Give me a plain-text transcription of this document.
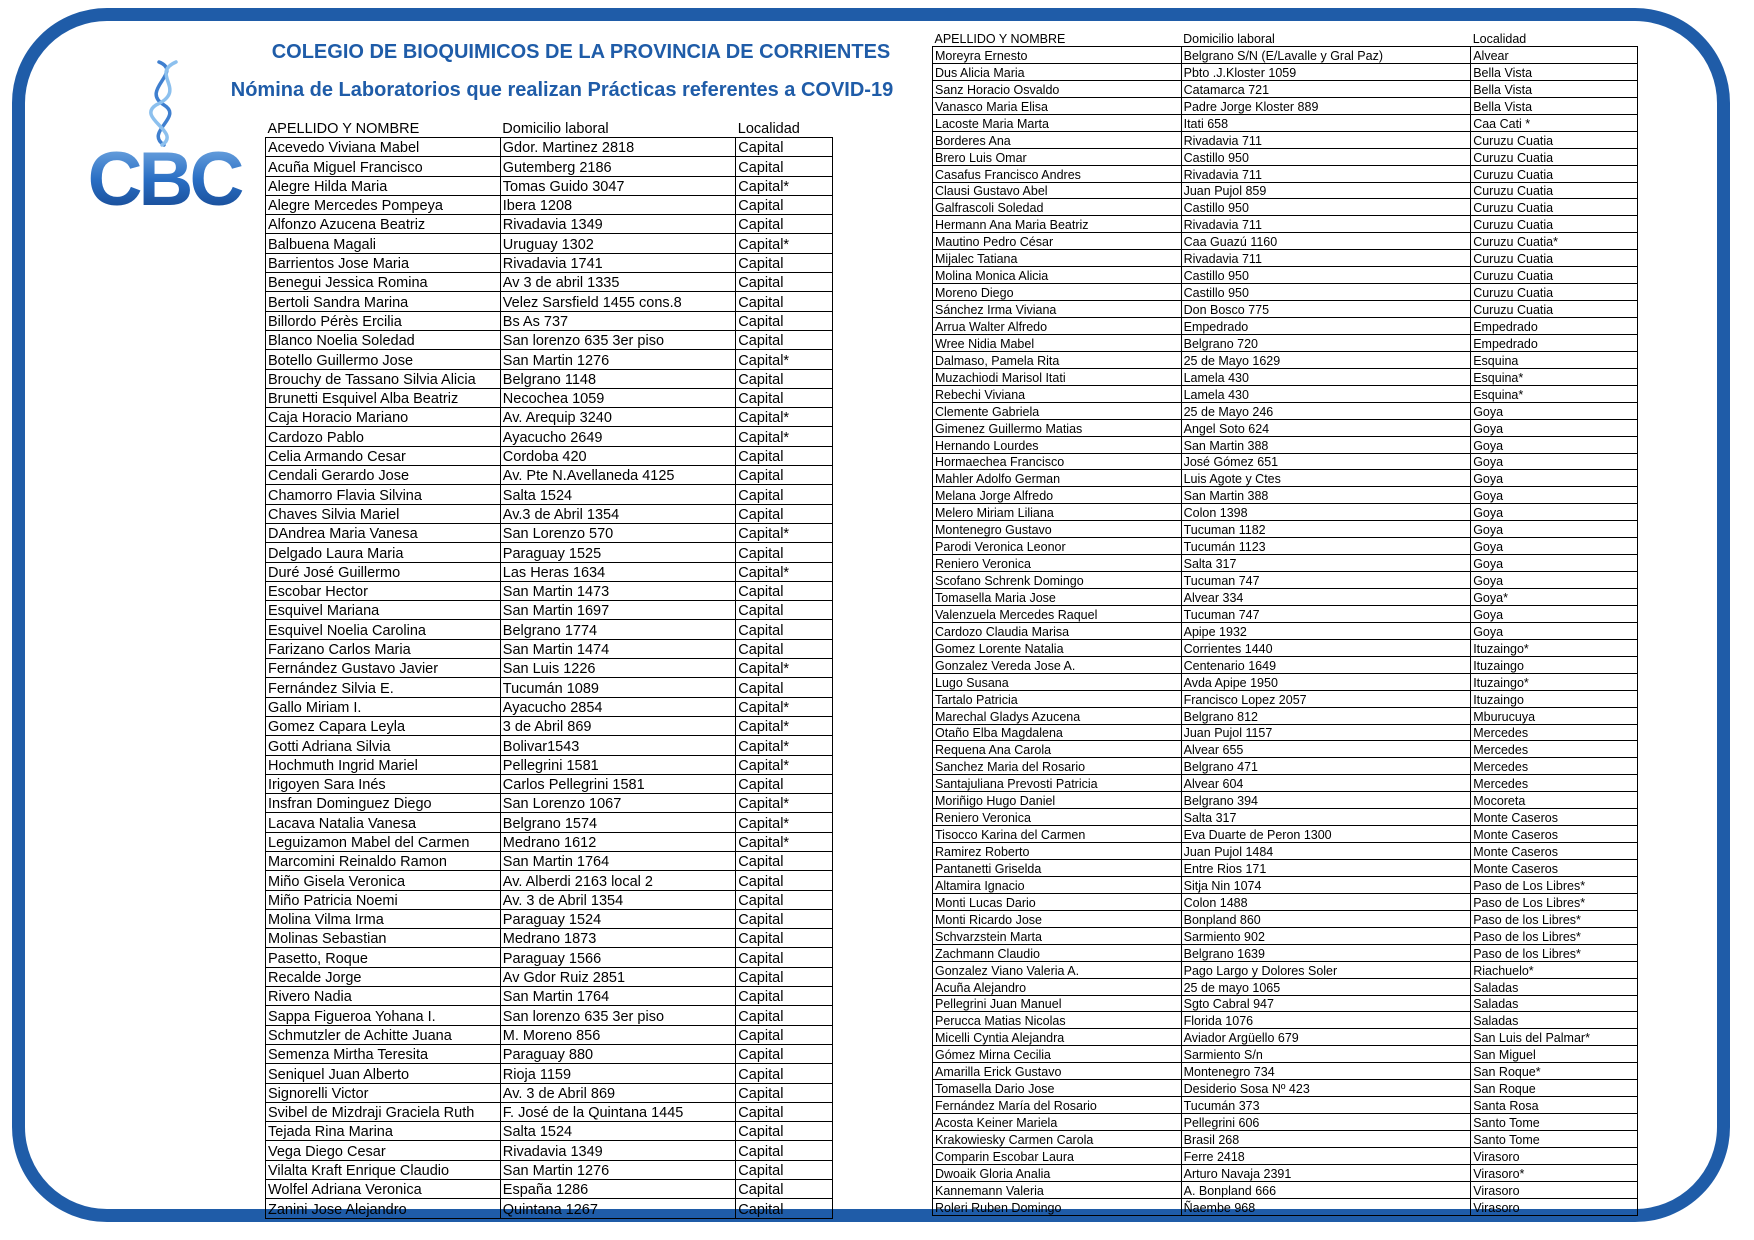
CBC
COLEGIO DE BIOQUIMICOS DE LA PROVINCIA DE CORRIENTES
Nómina de Laboratorios que realizan Prácticas referentes a COVID-19
APELLIDO Y NOMBRE	Domicilio laboral	Localidad
Acevedo Viviana Mabel	Gdor. Martinez 2818	Capital
Acuña Miguel Francisco	Gutemberg 2186	Capital
Alegre Hilda Maria	Tomas Guido 3047	Capital*
Alegre Mercedes Pompeya	Ibera 1208	Capital
Alfonzo Azucena Beatriz	Rivadavia 1349	Capital
Balbuena Magali	Uruguay 1302	Capital*
Barrientos Jose Maria	Rivadavia 1741	Capital
Benegui Jessica Romina	Av 3 de abril 1335	Capital
Bertoli Sandra Marina	Velez Sarsfield 1455 cons.8	Capital
Billordo Pérès Ercilia	Bs As 737	Capital
Blanco Noelia Soledad	San lorenzo 635 3er piso	Capital
Botello Guillermo Jose	San Martin 1276	Capital*
Brouchy de Tassano Silvia Alicia	Belgrano 1148	Capital
Brunetti Esquivel Alba Beatriz	Necochea 1059	Capital
Caja Horacio Mariano	Av. Arequip 3240	Capital*
Cardozo Pablo	Ayacucho 2649	Capital*
Celia Armando Cesar	Cordoba 420	Capital
Cendali Gerardo Jose	Av. Pte N.Avellaneda 4125	Capital
Chamorro Flavia Silvina	Salta 1524	Capital
Chaves Silvia Mariel	Av.3 de Abril 1354	Capital
DAndrea Maria Vanesa	San Lorenzo 570	Capital*
Delgado Laura Maria	Paraguay 1525	Capital
Duré José Guillermo	Las Heras 1634	Capital*
Escobar Hector	San Martin 1473	Capital
Esquivel Mariana	San Martin 1697	Capital
Esquivel Noelia Carolina	Belgrano 1774	Capital
Farizano Carlos Maria	San Martin 1474	Capital
Fernández Gustavo Javier	San Luis 1226	Capital*
Fernández Silvia E.	Tucumán 1089	Capital
Gallo Miriam I.	Ayacucho 2854	Capital*
Gomez Capara Leyla	3 de Abril 869	Capital*
Gotti Adriana Silvia	Bolivar1543	Capital*
Hochmuth Ingrid Mariel	Pellegrini 1581	Capital*
Irigoyen Sara Inés	Carlos Pellegrini 1581	Capital
Insfran Dominguez Diego	San Lorenzo 1067	Capital*
Lacava Natalia Vanesa	Belgrano 1574	Capital*
Leguizamon Mabel del Carmen	Medrano 1612	Capital*
Marcomini Reinaldo Ramon	San Martin 1764	Capital
Miño Gisela Veronica	Av. Alberdi 2163 local 2	Capital
Miño Patricia Noemi	Av. 3 de Abril 1354	Capital
Molina Vilma Irma	Paraguay 1524	Capital
Molinas Sebastian	Medrano 1873	Capital
Pasetto, Roque	Paraguay 1566	Capital
Recalde Jorge	Av Gdor Ruiz 2851	Capital
Rivero Nadia	San Martin 1764	Capital
Sappa Figueroa Yohana I.	San lorenzo 635 3er piso	Capital
Schmutzler de Achitte Juana	M. Moreno 856	Capital
Semenza Mirtha Teresita	Paraguay 880	Capital
Seniquel Juan Alberto	Rioja 1159	Capital
Signorelli Victor	Av. 3 de Abril 869	Capital
Svibel de Mizdraji Graciela Ruth	F. José de la Quintana 1445	Capital
Tejada Rina Marina	Salta 1524	Capital
Vega Diego Cesar	Rivadavia 1349	Capital
Vilalta Kraft Enrique Claudio	San Martin 1276	Capital
Wolfel Adriana Veronica	España 1286	Capital
Zanini Jose Alejandro	Quintana 1267	Capital
APELLIDO Y NOMBRE	Domicilio laboral	Localidad
Moreyra Ernesto	Belgrano S/N (E/Lavalle y Gral Paz)	Alvear
Dus Alicia Maria	Pbto .J.Kloster 1059	Bella Vista
Sanz Horacio Osvaldo	Catamarca 721	Bella Vista
Vanasco Maria Elisa	Padre Jorge Kloster 889	Bella Vista
Lacoste Maria Marta	Itati 658	Caa Cati *
Borderes Ana	Rivadavia 711	Curuzu Cuatia
Brero Luis Omar	Castillo 950	Curuzu Cuatia
Casafus Francisco Andres	Rivadavia 711	Curuzu Cuatia
Clausi Gustavo Abel	Juan Pujol 859	Curuzu Cuatia
Galfrascoli Soledad	Castillo 950	Curuzu Cuatia
Hermann Ana Maria Beatriz	Rivadavia 711	Curuzu Cuatia
Mautino Pedro César	Caa Guazú 1160	Curuzu Cuatia*
Mijalec Tatiana	Rivadavia 711	Curuzu Cuatia
Molina Monica Alicia	Castillo 950	Curuzu Cuatia
Moreno Diego	Castillo 950	Curuzu Cuatia
Sánchez Irma Viviana	Don Bosco 775	Curuzu Cuatia
Arrua Walter Alfredo	Empedrado	Empedrado
Wree Nidia Mabel	Belgrano 720	Empedrado
Dalmaso, Pamela Rita	25 de Mayo 1629	Esquina
Muzachiodi Marisol Itati	Lamela 430	Esquina*
Rebechi Viviana	Lamela 430	Esquina*
Clemente Gabriela	25 de Mayo 246	Goya
Gimenez Guillermo Matias	Angel Soto 624	Goya
Hernando Lourdes	San Martin 388	Goya
Hormaechea Francisco	José Gómez 651	Goya
Mahler Adolfo German	Luis Agote y Ctes	Goya
Melana Jorge Alfredo	San Martin 388	Goya
Melero Miriam Liliana	Colon 1398	Goya
Montenegro Gustavo	Tucuman 1182	Goya
Parodi Veronica Leonor	Tucumán 1123	Goya
Reniero Veronica	Salta 317	Goya
Scofano Schrenk Domingo	Tucuman 747	Goya
Tomasella Maria Jose	Alvear 334	Goya*
Valenzuela Mercedes Raquel	Tucuman 747	Goya
Cardozo Claudia Marisa	Apipe 1932	Goya
Gomez Lorente Natalia	Corrientes 1440	Ituzaingo*
Gonzalez Vereda Jose A.	Centenario 1649	Ituzaingo
Lugo Susana	Avda Apipe 1950	Ituzaingo*
Tartalo Patricia	Francisco Lopez 2057	Ituzaingo
Marechal Gladys Azucena	Belgrano 812	Mburucuya
Otaño Elba Magdalena	Juan Pujol 1157	Mercedes
Requena Ana Carola	Alvear 655	Mercedes
Sanchez Maria del Rosario	Belgrano 471	Mercedes
Santajuliana Prevosti Patricia	Alvear 604	Mercedes
Moriñigo Hugo Daniel	Belgrano 394	Mocoreta
Reniero Veronica	Salta 317	Monte Caseros
Tisocco Karina del Carmen	Eva Duarte de Peron 1300	Monte Caseros
Ramirez Roberto	Juan Pujol 1484	Monte Caseros
Pantanetti Griselda	Entre Rios 171	Monte Caseros
Altamira Ignacio	Sitja Nin 1074	Paso de Los Libres*
Monti Lucas Dario	Colon 1488	Paso de Los Libres*
Monti Ricardo Jose	Bonpland 860	Paso de los Libres*
Schvarzstein Marta	Sarmiento 902	Paso de los Libres*
Zachmann Claudio	Belgrano 1639	Paso de los Libres*
Gonzalez Viano Valeria A.	Pago Largo y Dolores Soler	Riachuelo*
Acuña Alejandro	25 de mayo 1065	Saladas
Pellegrini Juan Manuel	Sgto Cabral 947	Saladas
Perucca Matias Nicolas	Florida 1076	Saladas
Micelli Cyntia Alejandra	Aviador Argüello 679	San Luis del Palmar*
Gómez Mirna Cecilia	Sarmiento S/n	San Miguel
Amarilla Erick Gustavo	Montenegro 734	San Roque*
Tomasella Dario Jose	Desiderio Sosa Nº 423	San Roque
Fernández María del Rosario	Tucumán 373	Santa Rosa
Acosta Keiner Mariela	Pellegrini 606	Santo Tome
Krakowiesky Carmen Carola	Brasil 268	Santo Tome
Comparin Escobar Laura	Ferre 2418	Virasoro
Dwoaik Gloria Analia	Arturo Navaja 2391	Virasoro*
Kannemann Valeria	A. Bonpland 666	Virasoro
Roleri Ruben Domingo	Ñaembe 968	Virasoro
